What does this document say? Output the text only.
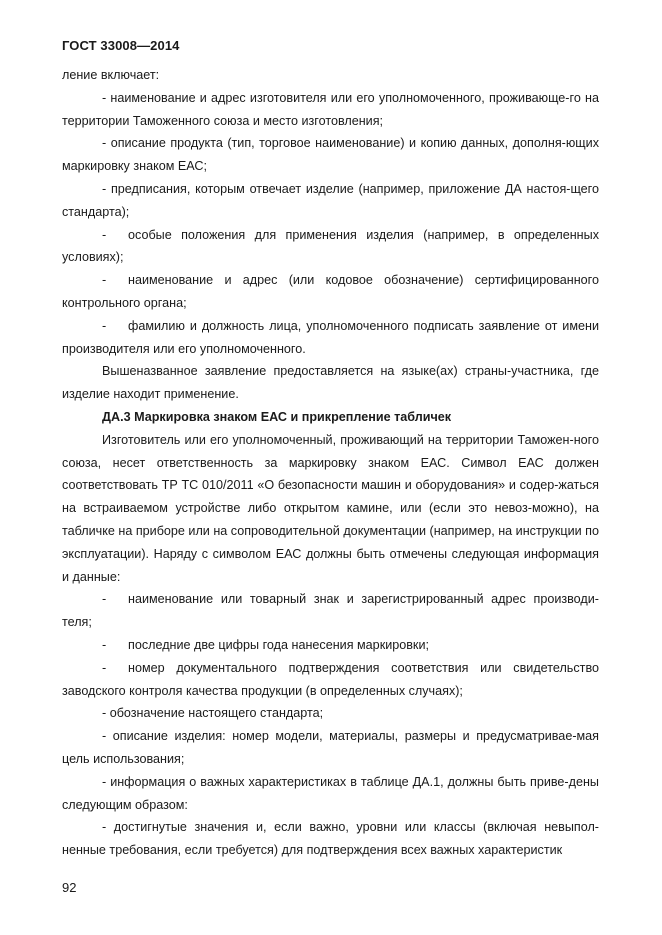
ГОСТ 33008—2014

ление включает:

- наименование и адрес изготовителя или его уполномоченного, проживающе-го на территории Таможенного союза и место изготовления;

- описание продукта (тип, торговое наименование) и копию данных, дополня-ющих маркировку знаком ЕАС;

- предписания, которым отвечает изделие (например, приложение ДА настоя-щего стандарта);

- особые положения для применения изделия (например, в определенных условиях);

- наименование и адрес (или кодовое обозначение) сертифицированного контрольного органа;

- фамилию и должность лица, уполномоченного подписать заявление от имени производителя или его уполномоченного.

Вышеназванное заявление предоставляется на языке(ах) страны-участника, где изделие находит применение.

ДА.3 Маркировка знаком ЕАС и прикрепление табличек

Изготовитель или его уполномоченный, проживающий на территории Таможен-ного союза, несет ответственность за маркировку знаком ЕАС. Символ ЕАС должен соответствовать ТР ТС 010/2011 «О безопасности машин и оборудования» и содер-жаться на встраиваемом устройстве либо открытом камине, или (если это невоз-можно), на табличке на приборе или на сопроводительной документации (например, на инструкции по эксплуатации). Наряду с символом ЕАС должны быть отмечены следующая информация и данные:

- наименование или товарный знак и зарегистрированный адрес производи-теля;

- последние две цифры года нанесения маркировки;

- номер документального подтверждения соответствия или свидетельство заводского контроля качества продукции (в определенных случаях);

- обозначение настоящего стандарта;

- описание изделия: номер модели, материалы, размеры и предусматривае-мая цель использования;

- информация о важных характеристиках в таблице ДА.1, должны быть приве-дены следующим образом:

- достигнутые значения и, если важно, уровни или классы (включая невыпол-ненные требования, если требуется) для подтверждения всех важных характеристик

92
